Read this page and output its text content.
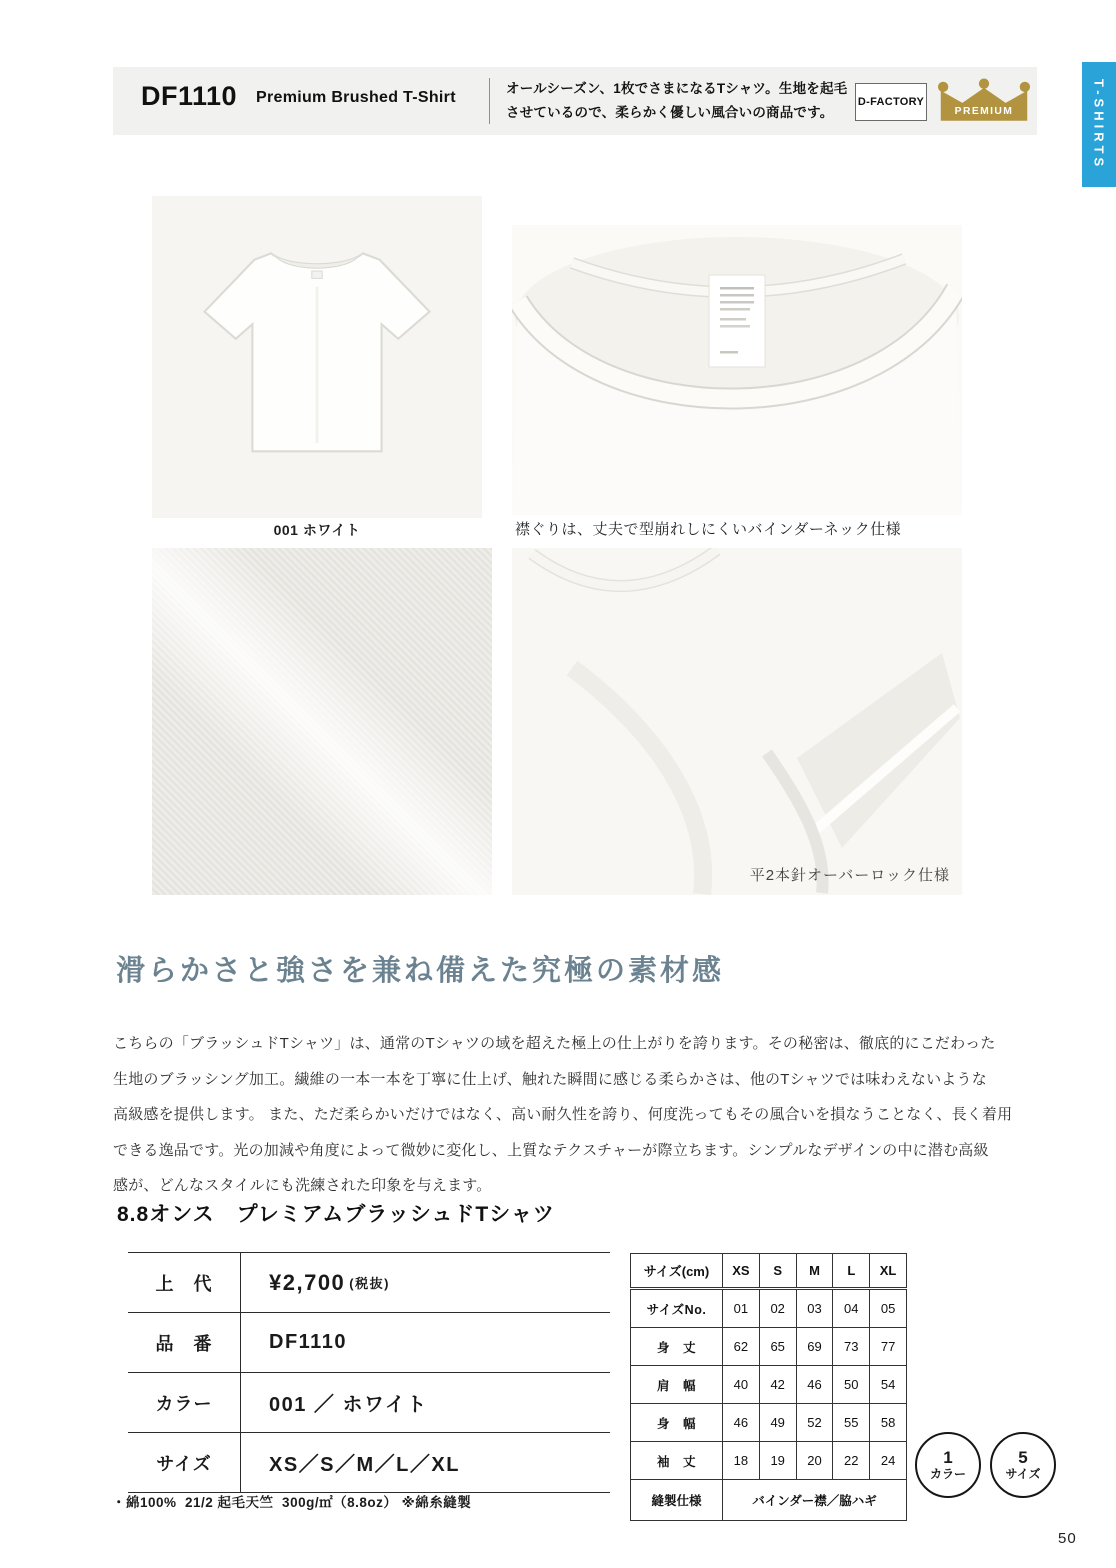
DF1110 Premium Brushed T-Shirt
オールシーズン、1枚でさまになるTシャツ。生地を起毛
させているので、柔らかく優しい風合いの商品です。
D-FACTORY
PREMIUM	T-SHIRTS
001 ホワイト	襟ぐりは、丈夫で型崩れしにくいバインダーネック仕様
平2本針オーバーロック仕様
滑らかさと強さを兼ね備えた究極の素材感
こちらの「ブラッシュドTシャツ」は、通常のTシャツの域を超えた極上の仕上がりを誇ります。その秘密は、徹底的にこだわった
生地のブラッシング加工。繊維の一本一本を丁寧に仕上げ、触れた瞬間に感じる柔らかさは、他のTシャツでは味わえないような
高級感を提供します。 また、ただ柔らかいだけではなく、高い耐久性を誇り、何度洗ってもその風合いを損なうことなく、長く着用
できる逸品です。光の加減や角度によって微妙に変化し、上質なテクスチャーが際立ちます。シンプルなデザインの中に潜む高級
感が、どんなスタイルにも洗練された印象を与えます。
8.8オンス　プレミアムブラッシュドTシャツ
上　代	¥2,700 (税抜)
品　番	DF1110
カラー	001 ／ ホワイト
サイズ	XS／S／M／L／XL
サイズ(cm)	XS	S	M	L	XL
サイズNo.	01	02	03	04	05
身　丈	62	65	69	73	77
肩　幅	40	42	46	50	54
身　幅	46	49	52	55	58
袖　丈	18	19	20	22	24
縫製仕様	バインダー襟／脇ハギ				
1
カラー
5
サイズ
・綿100%  21/2 起毛天竺  300g/㎡（8.8oz） ※綿糸縫製
50
